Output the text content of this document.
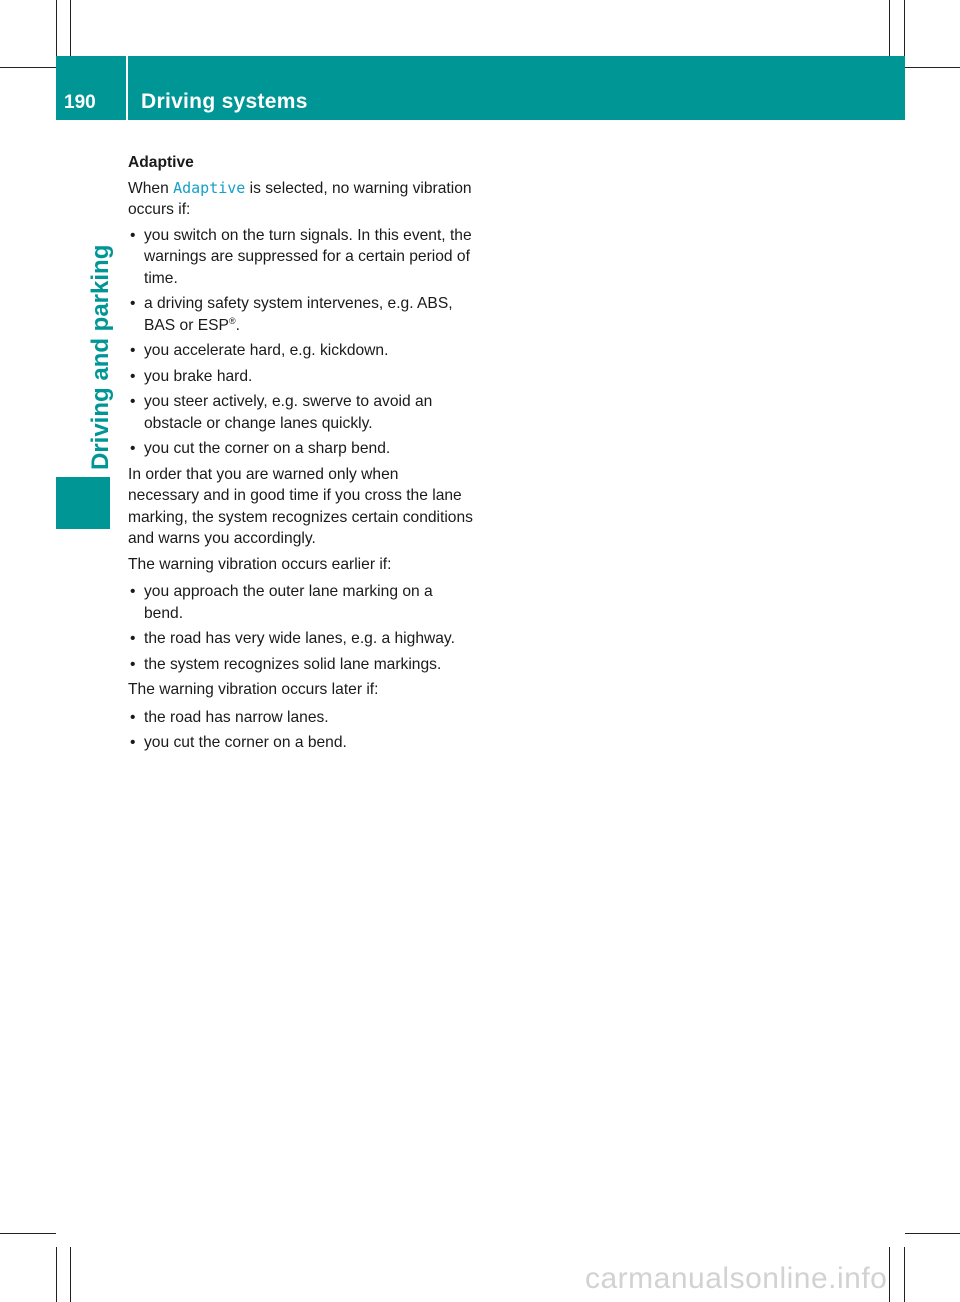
190	Driving systems
Driving and parking

Adaptive

When Adaptive is selected, no warning vibration occurs if:

• you switch on the turn signals. In this event, the warnings are suppressed for a certain period of time.
• a driving safety system intervenes, e.g. ABS, BAS or ESP®.
• you accelerate hard, e.g. kickdown.
• you brake hard.
• you steer actively, e.g. swerve to avoid an obstacle or change lanes quickly.
• you cut the corner on a sharp bend.

In order that you are warned only when necessary and in good time if you cross the lane marking, the system recognizes certain conditions and warns you accordingly.

The warning vibration occurs earlier if:

• you approach the outer lane marking on a bend.
• the road has very wide lanes, e.g. a highway.
• the system recognizes solid lane markings.

The warning vibration occurs later if:

• the road has narrow lanes.
• you cut the corner on a bend.
carmanualsonline.info
